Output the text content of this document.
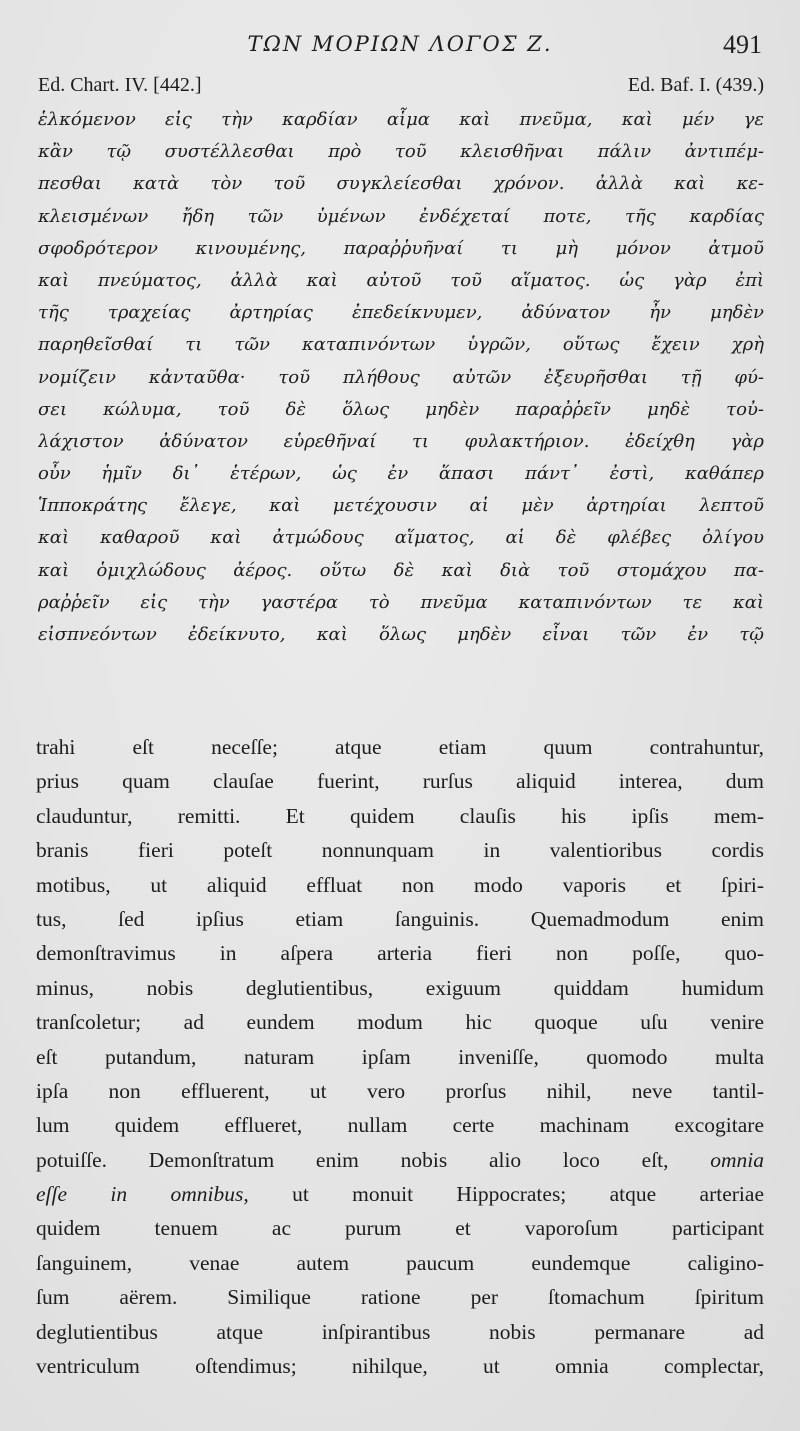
ΤΩΝ ΜΟΡΙΩΝ ΛΟΓΟΣ Ζ.	491
Ed. Chart. IV. [442.]	Ed. Baf. I. (439.)
ἑλκόμενον εἰς τὴν καρδίαν αἷμα καὶ πνεῦμα, καὶ μέν γε
κἂν τῷ συστέλλεσθαι πρὸ τοῦ κλεισθῆναι πάλιν ἀντιπέμ-
πεσθαι κατὰ τὸν τοῦ συγκλείεσθαι χρόνον. ἀλλὰ καὶ κε-
κλεισμένων ἤδη τῶν ὑμένων ἐνδέχεταί ποτε, τῆς καρδίας
σφοδρότερον κινουμένης, παραῤῥυῆναί τι μὴ μόνον ἀτμοῦ
καὶ πνεύματος, ἀλλὰ καὶ αὐτοῦ τοῦ αἵματος. ὡς γὰρ ἐπὶ
τῆς τραχείας ἀρτηρίας ἐπεδείκνυμεν, ἀδύνατον ἦν μηδὲν
παρηθεῖσθαί τι τῶν καταπινόντων ὑγρῶν, οὕτως ἔχειν χρὴ
νομίζειν κἀνταῦθα· τοῦ πλήθους αὐτῶν ἐξευρῆσθαι τῇ φύ-
σει κώλυμα, τοῦ δὲ ὅλως μηδὲν παραῤῥεῖν μηδὲ τοὐ-
λάχιστον ἀδύνατον εὑρεθῆναί τι φυλακτήριον. ἐδείχθη γὰρ
οὖν ἡμῖν δι᾽ ἑτέρων, ὡς ἐν ἅπασι πάντ᾽ ἐστὶ, καθάπερ
Ἱπποκράτης ἔλεγε, καὶ μετέχουσιν αἱ μὲν ἀρτηρίαι λεπτοῦ
καὶ καθαροῦ καὶ ἀτμώδους αἵματος, αἱ δὲ φλέβες ὀλίγου
καὶ ὁμιχλώδους ἀέρος. οὕτω δὲ καὶ διὰ τοῦ στομάχου πα-
ραῤῥεῖν εἰς τὴν γαστέρα τὸ πνεῦμα καταπινόντων τε καὶ
εἰσπνεόντων ἐδείκνυτο, καὶ ὅλως μηδὲν εἶναι τῶν ἐν τῷ
trahi eſt neceſſe; atque etiam quum contrahuntur,
prius quam clauſae fuerint, rurſus aliquid interea, dum
clauduntur, remitti. Et quidem clauſis his ipſis mem-
branis fieri poteſt nonnunquam in valentioribus cordis
motibus, ut aliquid effluat non modo vaporis et ſpiri-
tus, ſed ipſius etiam ſanguinis. Quemadmodum enim
demonſtravimus in aſpera arteria fieri non poſſe, quo-
minus, nobis deglutientibus, exiguum quiddam humidum
tranſcoletur; ad eundem modum hic quoque uſu venire
eſt putandum, naturam ipſam inveniſſe, quomodo multa
ipſa non effluerent, ut vero prorſus nihil, neve tantil-
lum quidem efflueret, nullam certe machinam excogitare
potuiſſe. Demonſtratum enim nobis alio loco eſt, omnia
eſſe in omnibus, ut monuit Hippocrates; atque arteriae
quidem tenuem ac purum et vaporoſum participant
ſanguinem, venae autem paucum eundemque caligino-
ſum aërem. Similique ratione per ſtomachum ſpiritum
deglutientibus atque inſpirantibus nobis permanare ad
ventriculum oſtendimus; nihilque, ut omnia complectar,
